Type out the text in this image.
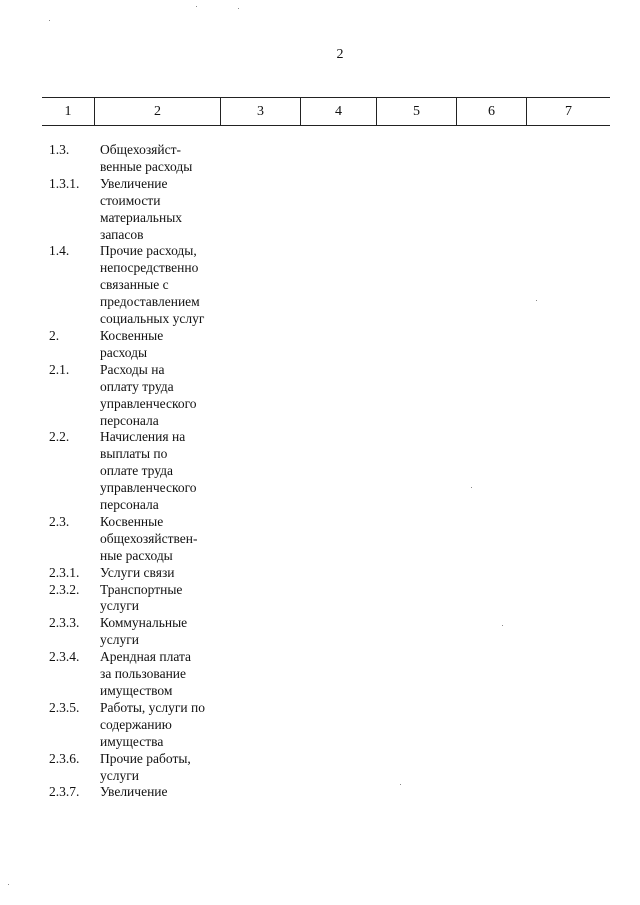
2
1	2	3	4	5	6	7
1.3.	Общехозяйст-
венные расходы
1.3.1.	Увеличение
стоимости
материальных
запасов
1.4.	Прочие расходы,
непосредственно
связанные с
предоставлением
социальных услуг
2.	Косвенные
расходы
2.1.	Расходы на
оплату труда
управленческого
персонала
2.2.	Начисления на
выплаты по
оплате труда
управленческого
персонала
2.3.	Косвенные
общехозяйствен-
ные расходы
2.3.1.	Услуги связи
2.3.2.	Транспортные
услуги
2.3.3.	Коммунальные
услуги
2.3.4.	Арендная плата
за пользование
имуществом
2.3.5.	Работы, услуги по
содержанию
имущества
2.3.6.	Прочие работы,
услуги
2.3.7.	Увеличение
